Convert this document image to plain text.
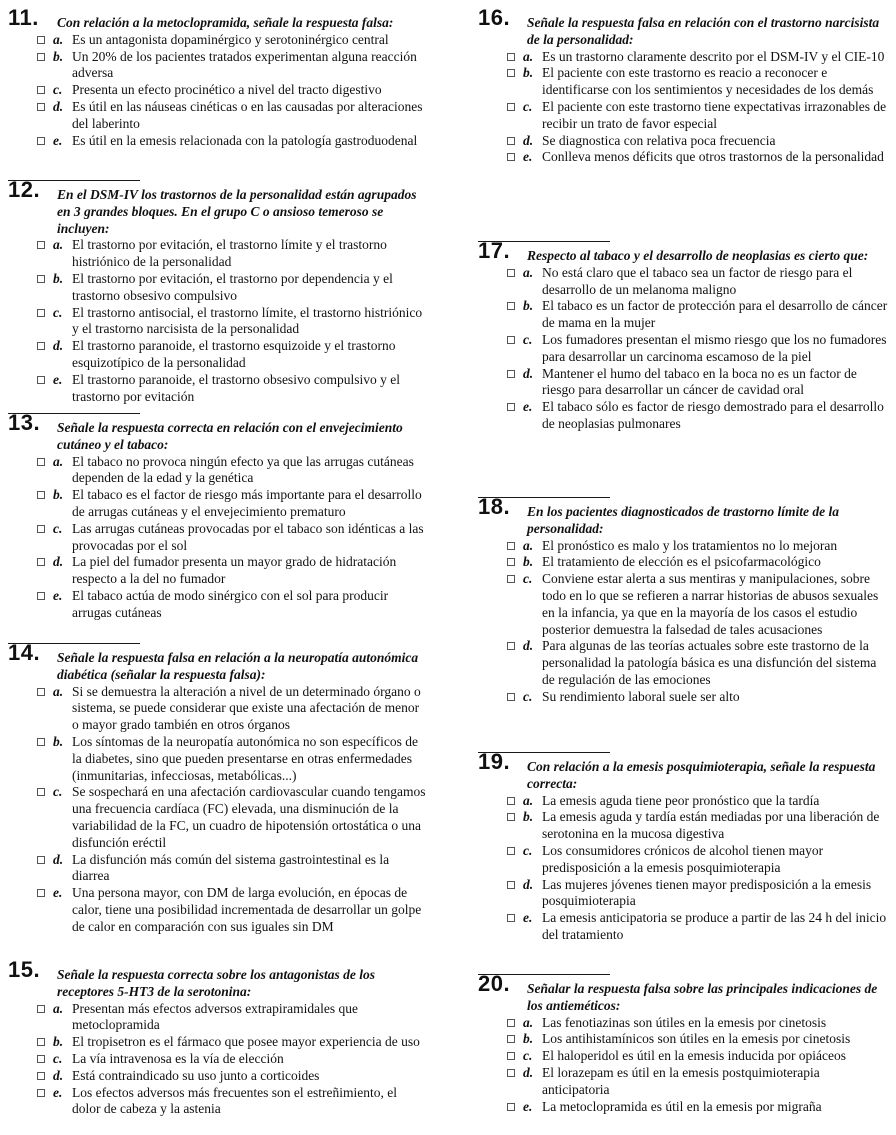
11. Con relación a la metoclopramida, señale la respuesta falsa:
a. Es un antagonista dopaminérgico y serotoninérgico central
b. Un 20% de los pacientes tratados experimentan alguna reacción adversa
c. Presenta un efecto procinético a nivel del tracto digestivo
d. Es útil en las náuseas cinéticas o en las causadas por alteraciones del laberinto
e. Es útil en la emesis relacionada con la patología gastroduodenal
12. En el DSM-IV los trastornos de la personalidad están agrupados en 3 grandes bloques. En el grupo C o ansioso temeroso se incluyen:
a. El trastorno por evitación, el trastorno límite y el trastorno histriónico de la personalidad
b. El trastorno por evitación, el trastorno por dependencia y el trastorno obsesivo compulsivo
c. El trastorno antisocial, el trastorno límite, el trastorno histriónico y el trastorno narcisista de la personalidad
d. El trastorno paranoide, el trastorno esquizoide y el trastorno esquizotípico de la personalidad
e. El trastorno paranoide, el trastorno obsesivo compulsivo y el trastorno por evitación
13. Señale la respuesta correcta en relación con el envejecimiento cutáneo y el tabaco:
a. El tabaco no provoca ningún efecto ya que las arrugas cutáneas dependen de la edad y la genética
b. El tabaco es el factor de riesgo más importante para el desarrollo de arrugas cutáneas y el envejecimiento prematuro
c. Las arrugas cutáneas provocadas por el tabaco son idénticas a las provocadas por el sol
d. La piel del fumador presenta un mayor grado de hidratación respecto a la del no fumador
e. El tabaco actúa de modo sinérgico con el sol para producir arrugas cutáneas
14. Señale la respuesta falsa en relación a la neuropatía autonómica diabética (señalar la respuesta falsa):
a. Si se demuestra la alteración a nivel de un determinado órgano o sistema, se puede considerar que existe una afectación de menor o mayor grado también en otros órganos
b. Los síntomas de la neuropatía autonómica no son específicos de la diabetes, sino que pueden presentarse en otras enfermedades (inmunitarias, infecciosas, metabólicas...)
c. Se sospechará en una afectación cardiovascular cuando tengamos una frecuencia cardíaca (FC) elevada, una disminución de la variabilidad de la FC, un cuadro de hipotensión ortostática o una disfunción eréctil
d. La disfunción más común del sistema gastrointestinal es la diarrea
e. Una persona mayor, con DM de larga evolución, en épocas de calor, tiene una posibilidad incrementada de desarrollar un golpe de calor en comparación con sus iguales sin DM
15. Señale la respuesta correcta sobre los antagonistas de los receptores 5-HT3 de la serotonina:
a. Presentan más efectos adversos extrapiramidales que metoclopramida
b. El tropisetron es el fármaco que posee mayor experiencia de uso
c. La vía intravenosa es la vía de elección
d. Está contraindicado su uso junto a corticoides
e. Los efectos adversos más frecuentes son el estreñimiento, el dolor de cabeza y la astenia
16. Señale la respuesta falsa en relación con el trastorno narcisista de la personalidad:
a. Es un trastorno claramente descrito por el DSM-IV y el CIE-10
b. El paciente con este trastorno es reacio a reconocer e identificarse con los sentimientos y necesidades de los demás
c. El paciente con este trastorno tiene expectativas irrazonables de recibir un trato de favor especial
d. Se diagnostica con relativa poca frecuencia
e. Conlleva menos déficits que otros trastornos de la personalidad
17. Respecto al tabaco y el desarrollo de neoplasias es cierto que:
a. No está claro que el tabaco sea un factor de riesgo para el desarrollo de un melanoma maligno
b. El tabaco es un factor de protección para el desarrollo de cáncer de mama en la mujer
c. Los fumadores presentan el mismo riesgo que los no fumadores para desarrollar un carcinoma escamoso de la piel
d. Mantener el humo del tabaco en la boca no es un factor de riesgo para desarrollar un cáncer de cavidad oral
e. El tabaco sólo es factor de riesgo demostrado para el desarrollo de neoplasias pulmonares
18. En los pacientes diagnosticados de trastorno límite de la personalidad:
a. El pronóstico es malo y los tratamientos no lo mejoran
b. El tratamiento de elección es el psicofarmacológico
c. Conviene estar alerta a sus mentiras y manipulaciones, sobre todo en lo que se refieren a narrar historias de abusos sexuales en la infancia, ya que en la mayoría de los casos el estudio posterior demuestra la falsedad de tales acusaciones
d. Para algunas de las teorías actuales sobre este trastorno de la personalidad la patología básica es una disfunción del sistema de regulación de las emociones
c. Su rendimiento laboral suele ser alto
19. Con relación a la emesis posquimioterapia, señale la respuesta correcta:
a. La emesis aguda tiene peor pronóstico que la tardía
b. La emesis aguda y tardía están mediadas por una liberación de serotonina en la mucosa digestiva
c. Los consumidores crónicos de alcohol tienen mayor predisposición a la emesis posquimioterapia
d. Las mujeres jóvenes tienen mayor predisposición a la emesis posquimioterapia
e. La emesis anticipatoria se produce a partir de las 24 h del inicio del tratamiento
20. Señalar la respuesta falsa sobre las principales indicaciones de los antieméticos:
a. Las fenotiazinas son útiles en la emesis por cinetosis
b. Los antihistamínicos son útiles en la emesis por cinetosis
c. El haloperidol es útil en la emesis inducida por opiáceos
d. El lorazepam es útil en la emesis postquimioterapia anticipatoria
e. La metoclopramida es útil en la emesis por migraña
